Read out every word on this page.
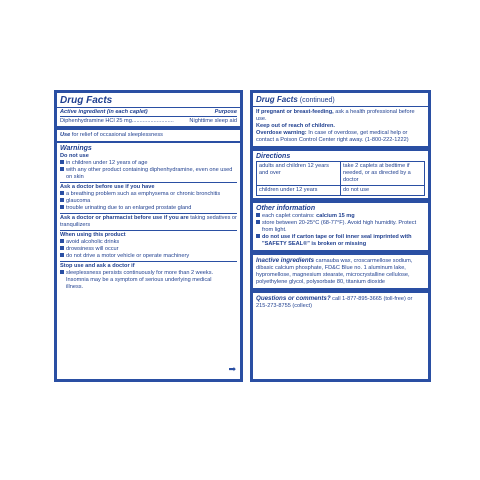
Drug Facts
Active ingredient (in each caplet)	Purpose
Diphenhydramine HCl 25 mg...........................	Nighttime sleep aid
Use for relief of occasional sleeplessness
Warnings
Do not use
in children under 12 years of age
with any other product containing diphenhydramine, even one used on skin
Ask a doctor before use if you have
a breathing problem such as emphysema or chronic bronchitis
glaucoma
trouble urinating due to an enlarged prostate gland
Ask a doctor or pharmacist before use if you are taking sedatives or tranquilizers
When using this product
avoid alcoholic drinks
drowsiness will occur
do not drive a motor vehicle or operate machinery
Stop use and ask a doctor if
sleeplessness persists continuously for more than 2 weeks. Insomnia may be a symptom of serious underlying medical illness.
➡
Drug Facts (continued)
If pregnant or breast-feeding, ask a health professional before use.
Keep out of reach of children.
Overdose warning: In case of overdose, get medical help or contact a Poison Control Center right away. (1-800-222-1222)
Directions
adults and children 12 years and over	take 2 caplets at bedtime if needed, or as directed by a doctor
children under 12 years	do not use
Other information
each caplet contains: calcium 15 mg
store between 20-25°C (68-77°F). Avoid high humidity. Protect from light.
do not use if carton tape or foil inner seal imprinted with "SAFETY SEAL®" is broken or missing
Inactive ingredients carnauba wax, croscarmellose sodium, dibasic calcium phosphate, FD&C Blue no. 1 aluminum lake, hypromellose, magnesium stearate, microcrystalline cellulose, polyethylene glycol, polysorbate 80, titanium dioxide
Questions or comments? call 1-877-895-3665 (toll-free) or 215-273-8755 (collect)
